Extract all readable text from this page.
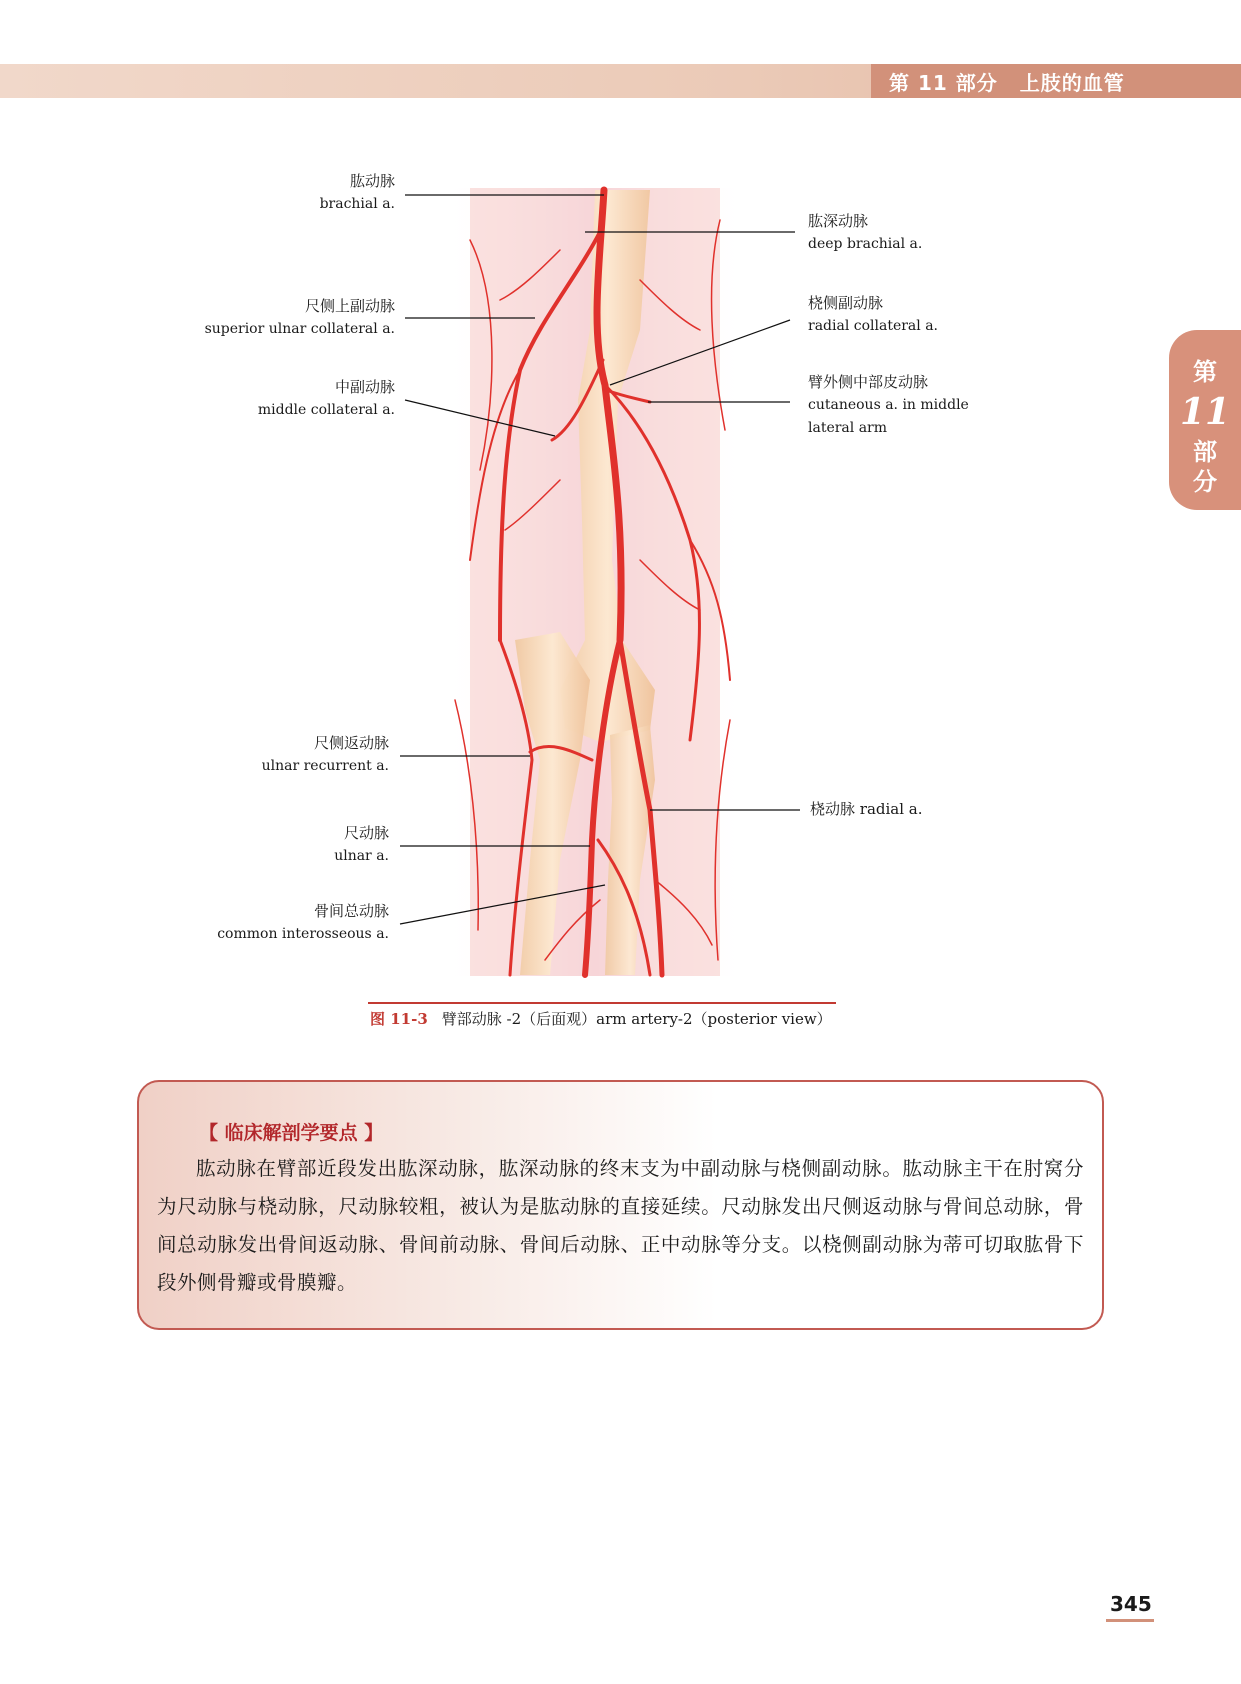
第 11 部分 上肢的血管
第
11
部
分
肱动脉
brachial a.
尺侧上副动脉
superior ulnar collateral a.
中副动脉
middle collateral a.
尺侧返动脉
ulnar recurrent a.
尺动脉
ulnar a.
骨间总动脉
common interosseous a.
肱深动脉
deep brachial a.
桡侧副动脉
radial collateral a.
臂外侧中部皮动脉
cutaneous a. in middle
lateral arm
桡动脉 radial a.
图 11-3 臂部动脉 -2（后面观）arm artery-2（posterior view）
【 临床解剖学要点 】

肱动脉在臂部近段发出肱深动脉，肱深动脉的终末支为中副动脉与桡侧副动脉。肱动脉主干在肘窝分为尺动脉与桡动脉，尺动脉较粗，被认为是肱动脉的直接延续。尺动脉发出尺侧返动脉与骨间总动脉，骨间总动脉发出骨间返动脉、骨间前动脉、骨间后动脉、正中动脉等分支。以桡侧副动脉为蒂可切取肱骨下段外侧骨瓣或骨膜瓣。

345
